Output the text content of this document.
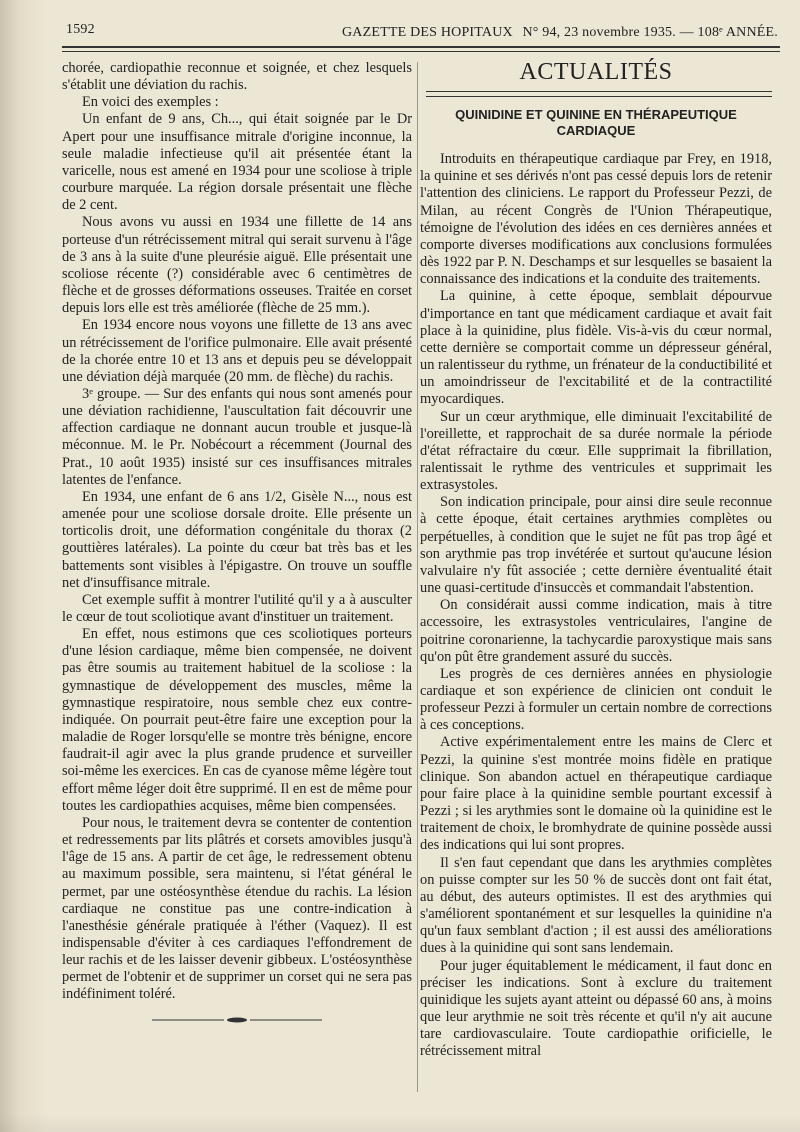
1592	GAZETTE DES HOPITAUX N° 94, 23 novembre 1935. — 108ᵉ ANNÉE.

chorée, cardiopathie reconnue et soignée, et chez lesquels s'établit une déviation du rachis.

En voici des exemples :

Un enfant de 9 ans, Ch..., qui était soignée par le Dr Apert pour une insuffisance mitrale d'origine inconnue, la seule maladie infectieuse qu'il ait présentée étant la varicelle, nous est amené en 1934 pour une scoliose à triple courbure marquée. La région dorsale présentait une flèche de 2 cent.

Nous avons vu aussi en 1934 une fillette de 14 ans porteuse d'un rétrécissement mitral qui serait survenu à l'âge de 3 ans à la suite d'une pleurésie aiguë. Elle présentait une scoliose récente (?) considérable avec 6 centimètres de flèche et de grosses déformations osseuses. Traitée en corset depuis lors elle est très améliorée (flèche de 25 mm.).

En 1934 encore nous voyons une fillette de 13 ans avec un rétrécissement de l'orifice pulmonaire. Elle avait présenté de la chorée entre 10 et 13 ans et depuis peu se développait une déviation déjà marquée (20 mm. de flèche) du rachis.

3ᵉ groupe. — Sur des enfants qui nous sont amenés pour une déviation rachidienne, l'auscultation fait découvrir une affection cardiaque ne donnant aucun trouble et jusque-là méconnue. M. le Pr. Nobécourt a récemment (Journal des Prat., 10 août 1935) insisté sur ces insuffisances mitrales latentes de l'enfance.

En 1934, une enfant de 6 ans 1/2, Gisèle N..., nous est amenée pour une scoliose dorsale droite. Elle présente un torticolis droit, une déformation congénitale du thorax (2 gouttières latérales). La pointe du cœur bat très bas et les battements sont visibles à l'épigastre. On trouve un souffle net d'insuffisance mitrale.

Cet exemple suffit à montrer l'utilité qu'il y a à ausculter le cœur de tout scoliotique avant d'instituer un traitement.

En effet, nous estimons que ces scoliotiques porteurs d'une lésion cardiaque, même bien compensée, ne doivent pas être soumis au traitement habituel de la scoliose : la gymnastique de développement des muscles, même la gymnastique respiratoire, nous semble chez eux contre-indiquée. On pourrait peut-être faire une exception pour la maladie de Roger lorsqu'elle se montre très bénigne, encore faudrait-il agir avec la plus grande prudence et surveiller soi-même les exercices. En cas de cyanose même légère tout effort même léger doit être supprimé. Il en est de même pour toutes les cardiopathies acquises, même bien compensées.

Pour nous, le traitement devra se contenter de contention et redressements par lits plâtrés et corsets amovibles jusqu'à l'âge de 15 ans. A partir de cet âge, le redressement obtenu au maximum possible, sera maintenu, si l'état général le permet, par une ostéosynthèse étendue du rachis. La lésion cardiaque ne constitue pas une contre-indication à l'anesthésie générale pratiquée à l'éther (Vaquez). Il est indispensable d'éviter à ces cardiaques l'effondrement de leur rachis et de les laisser devenir gibbeux. L'ostéosynthèse permet de l'obtenir et de supprimer un corset qui ne sera pas indéfiniment toléré.

ACTUALITÉS
QUINIDINE ET QUININE EN THÉRAPEUTIQUE CARDIAQUE

Introduits en thérapeutique cardiaque par Frey, en 1918, la quinine et ses dérivés n'ont pas cessé depuis lors de retenir l'attention des cliniciens. Le rapport du Professeur Pezzi, de Milan, au récent Congrès de l'Union Thérapeutique, témoigne de l'évolution des idées en ces dernières années et comporte diverses modifications aux conclusions formulées dès 1922 par P. N. Deschamps et sur lesquelles se basaient la connaissance des indications et la conduite des traitements.

La quinine, à cette époque, semblait dépourvue d'importance en tant que médicament cardiaque et avait fait place à la quinidine, plus fidèle. Vis-à-vis du cœur normal, cette dernière se comportait comme un dépresseur général, un ralentisseur du rythme, un frénateur de la conductibilité et un amoindrisseur de l'excitabilité et de la contractilité myocardiques.

Sur un cœur arythmique, elle diminuait l'excitabilité de l'oreillette, et rapprochait de sa durée normale la période d'état réfractaire du cœur. Elle supprimait la fibrillation, ralentissait le rythme des ventricules et supprimait les extrasystoles.

Son indication principale, pour ainsi dire seule reconnue à cette époque, était certaines arythmies complètes ou perpétuelles, à condition que le sujet ne fût pas trop âgé et son arythmie pas trop invétérée et surtout qu'aucune lésion valvulaire n'y fût associée ; cette dernière éventualité était une quasi-certitude d'insuccès et commandait l'abstention.

On considérait aussi comme indication, mais à titre accessoire, les extrasystoles ventriculaires, l'angine de poitrine coronarienne, la tachycardie paroxystique mais sans qu'on pût être grandement assuré du succès.

Les progrès de ces dernières années en physiologie cardiaque et son expérience de clinicien ont conduit le professeur Pezzi à formuler un certain nombre de corrections à ces conceptions.

Active expérimentalement entre les mains de Clerc et Pezzi, la quinine s'est montrée moins fidèle en pratique clinique. Son abandon actuel en thérapeutique cardiaque pour faire place à la quinidine semble pourtant excessif à Pezzi ; si les arythmies sont le domaine où la quinidine est le traitement de choix, le bromhydrate de quinine possède aussi des indications qui lui sont propres.

Il s'en faut cependant que dans les arythmies complètes on puisse compter sur les 50 % de succès dont ont fait état, au début, des auteurs optimistes. Il est des arythmies qui s'améliorent spontanément et sur lesquelles la quinidine n'a qu'un faux semblant d'action ; il est aussi des améliorations dues à la quinidine qui sont sans lendemain.

Pour juger équitablement le médicament, il faut donc en préciser les indications. Sont à exclure du traitement quinidique les sujets ayant atteint ou dépassé 60 ans, à moins que leur arythmie ne soit très récente et qu'il n'y ait aucune tare cardiovasculaire. Toute cardiopathie orificielle, le rétrécissement mitral
